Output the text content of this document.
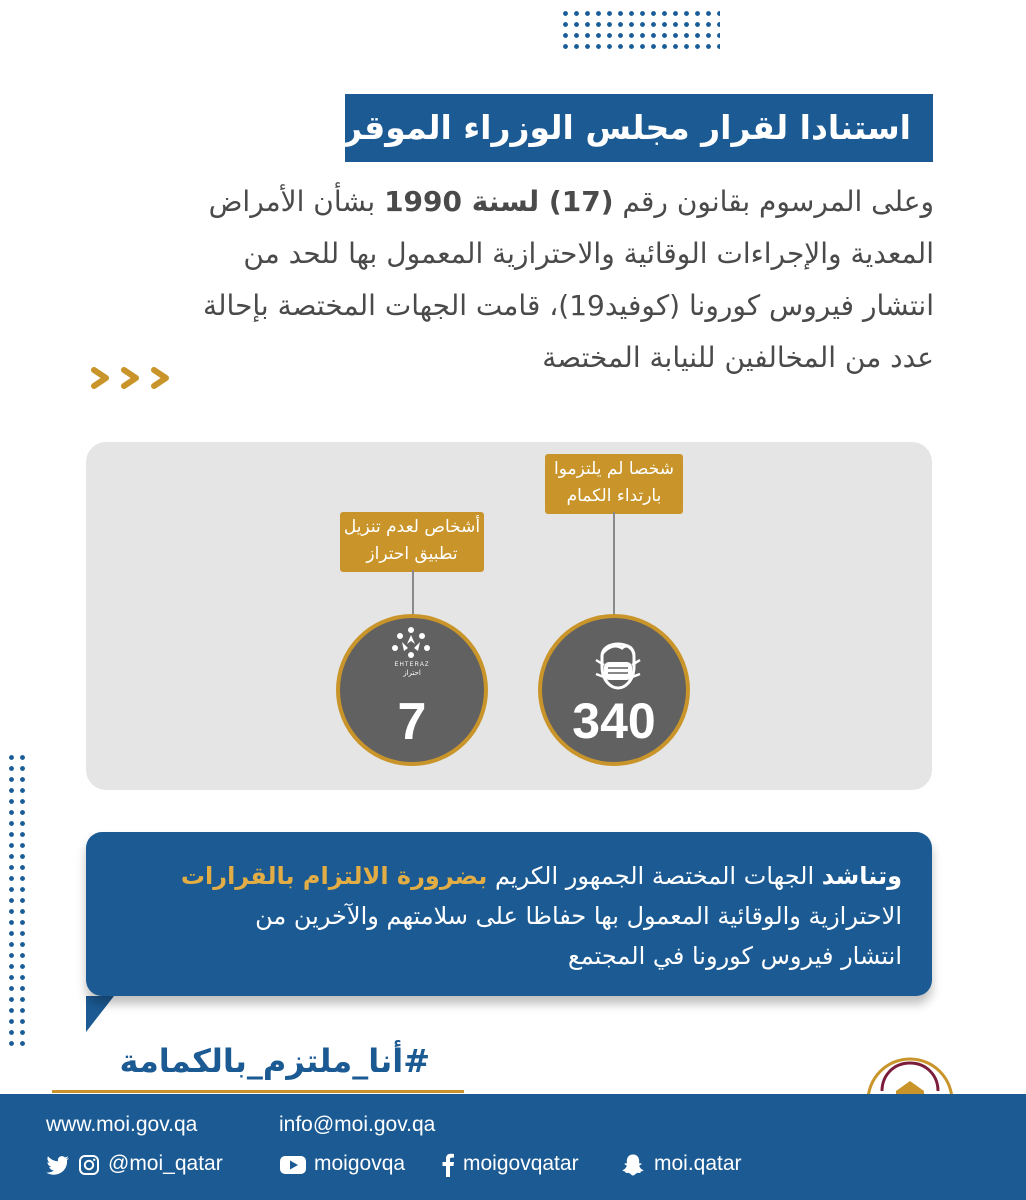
استنادا لقرار مجلس الوزراء الموقر

وعلى المرسوم بقانون رقم (17) لسنة 1990 بشأن الأمراض

المعدية والإجراءات الوقائية والاحترازية المعمول بها للحد من

انتشار فيروس كورونا (كوفيد19)، قامت الجهات المختصة بإحالة

عدد من المخالفين للنيابة المختصة

شخصا لم يلتزموا
بارتداء الكمام
340
أشخاص لعدم تنزيل
تطبيق احتراز
EHTERAZ
احتراز
7

وتناشد الجهات المختصة الجمهور الكريم بضرورة الالتزام بالقرارات

الاحترازية والوقائية المعمول بها حفاظا على سلامتهم والآخرين من

انتشار فيروس كورونا في المجتمع

#أنا_ملتزم_بالكمامة
www.moi.gov.qa	info@moi.gov.qa
@moi_qatar	moigovqa	moigovqatar	moi.qatar
